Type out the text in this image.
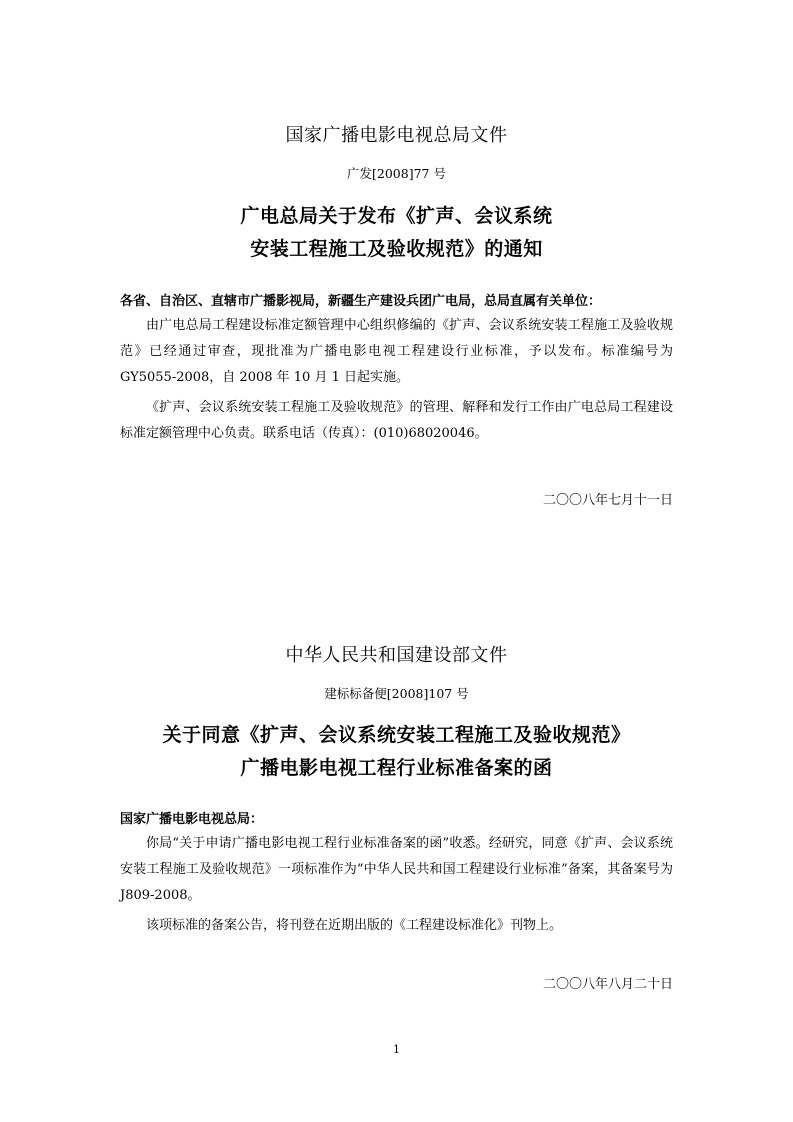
国家广播电影电视总局文件
广发[2008]77 号
广电总局关于发布《扩声、会议系统
安装工程施工及验收规范》的通知
各省、自治区、直辖市广播影视局，新疆生产建设兵团广电局，总局直属有关单位：
由广电总局工程建设标准定额管理中心组织修编的《扩声、会议系统安装工程施工及验收规范》已经通过审查，现批准为广播电影电视工程建设行业标准，予以发布。标准编号为 GY5055-2008，自 2008 年 10 月 1 日起实施。
《扩声、会议系统安装工程施工及验收规范》的管理、解释和发行工作由广电总局工程建设标准定额管理中心负责。联系电话（传真）：(010)68020046。
二〇〇八年七月十一日
中华人民共和国建设部文件
建标标备便[2008]107 号
关于同意《扩声、会议系统安装工程施工及验收规范》
广播电影电视工程行业标准备案的函
国家广播电影电视总局：
你局“关于申请广播电影电视工程行业标准备案的函”收悉。经研究，同意《扩声、会议系统安装工程施工及验收规范》一项标准作为“中华人民共和国工程建设行业标准”备案，其备案号为 J809-2008。
该项标准的备案公告，将刊登在近期出版的《工程建设标准化》刊物上。
二〇〇八年八月二十日
1
